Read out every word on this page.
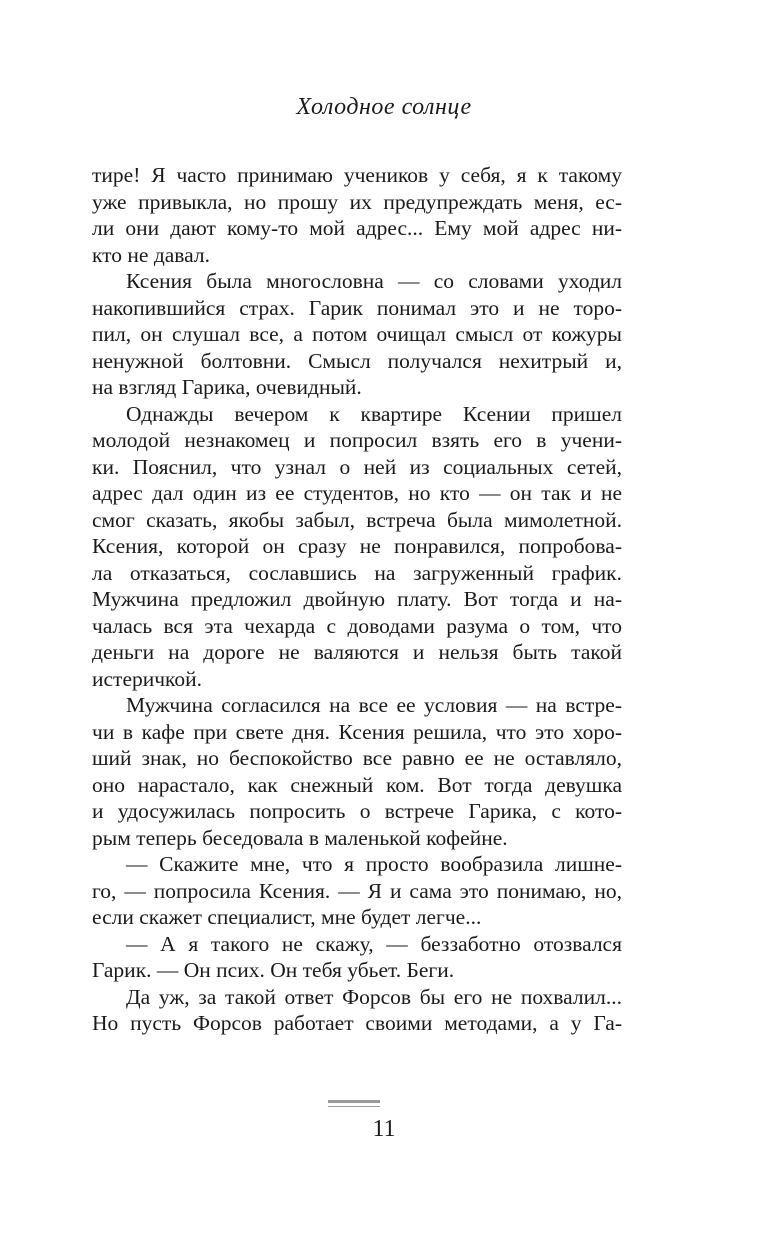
Холодное солнце
тире! Я часто принимаю учеников у себя, я к такому
уже привыкла, но прошу их предупреждать меня, ес-
ли они дают кому-то мой адрес... Ему мой адрес ни-
кто не давал.
Ксения была многословна — со словами уходил
накопившийся страх. Гарик понимал это и не торо-
пил, он слушал все, а потом очищал смысл от кожуры
ненужной болтовни. Смысл получался нехитрый и,
на взгляд Гарика, очевидный.
Однажды вечером к квартире Ксении пришел
молодой незнакомец и попросил взять его в учени-
ки. Пояснил, что узнал о ней из социальных сетей,
адрес дал один из ее студентов, но кто — он так и не
смог сказать, якобы забыл, встреча была мимолетной.
Ксения, которой он сразу не понравился, попробова-
ла отказаться, сославшись на загруженный график.
Мужчина предложил двойную плату. Вот тогда и на-
чалась вся эта чехарда с доводами разума о том, что
деньги на дороге не валяются и нельзя быть такой
истеричкой.
Мужчина согласился на все ее условия — на встре-
чи в кафе при свете дня. Ксения решила, что это хоро-
ший знак, но беспокойство все равно ее не оставляло,
оно нарастало, как снежный ком. Вот тогда девушка
и удосужилась попросить о встрече Гарика, с кото-
рым теперь беседовала в маленькой кофейне.
— Скажите мне, что я просто вообразила лишне-
го, — попросила Ксения. — Я и сама это понимаю, но,
если скажет специалист, мне будет легче...
— А я такого не скажу, — беззаботно отозвался
Гарик. — Он псих. Он тебя убьет. Беги.
Да уж, за такой ответ Форсов бы его не похвалил...
Но пусть Форсов работает своими методами, а у Га-
11
